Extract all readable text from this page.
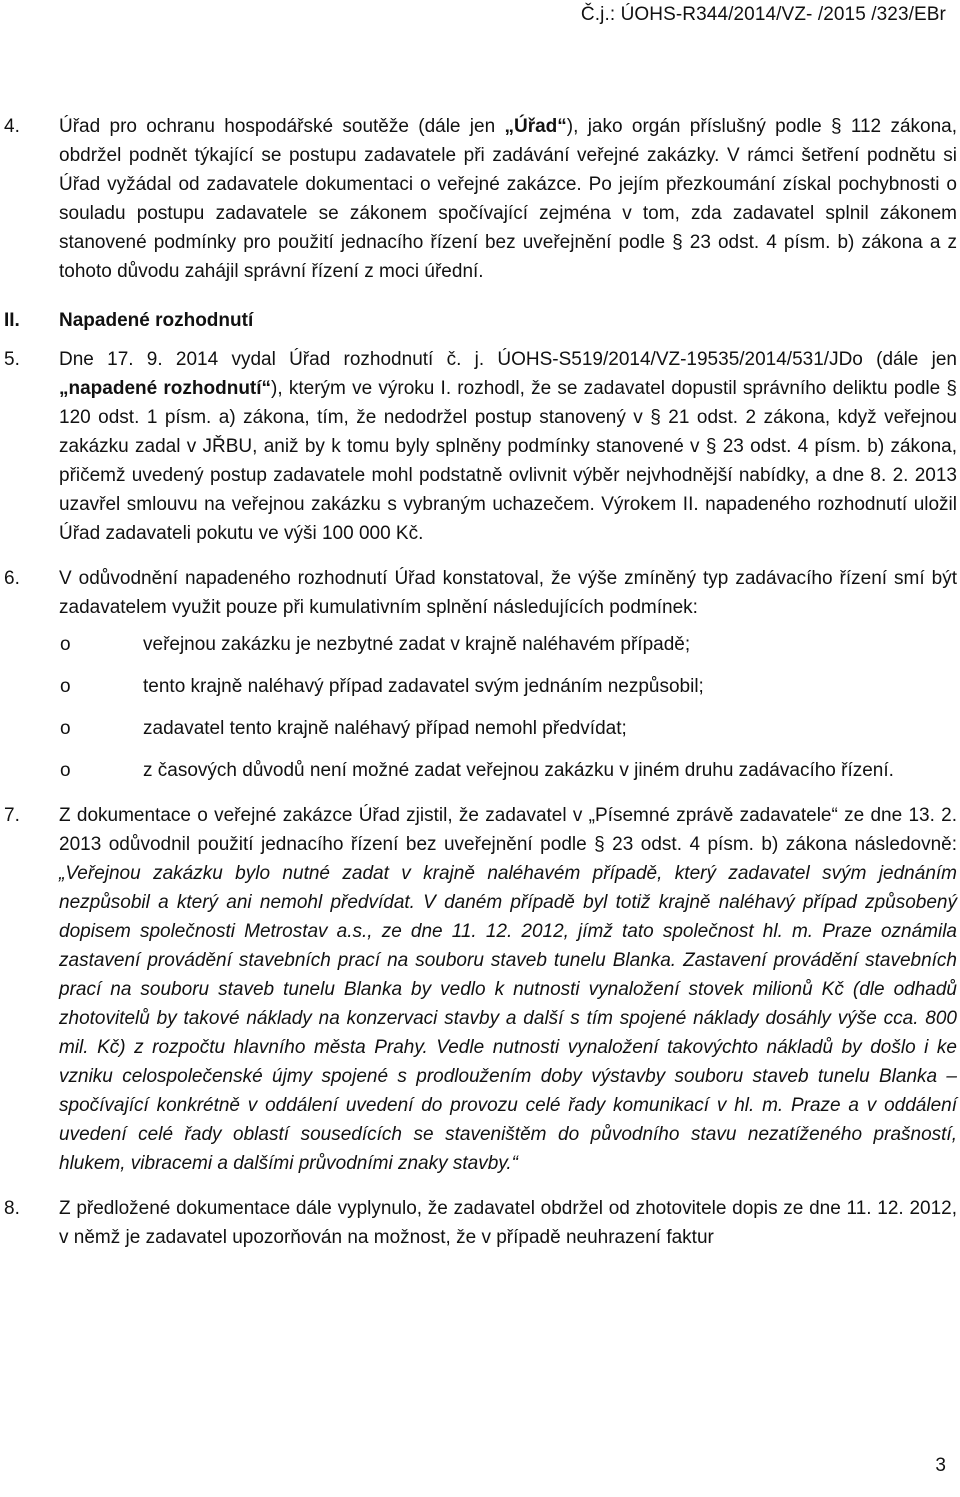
Č.j.: ÚOHS-R344/2014/VZ- /2015 /323/EBr
4. Úřad pro ochranu hospodářské soutěže (dále jen „Úřad“), jako orgán příslušný podle § 112 zákona, obdržel podnět týkající se postupu zadavatele při zadávání veřejné zakázky. V rámci šetření podnětu si Úřad vyžádal od zadavatele dokumentaci o veřejné zakázce. Po jejím přezkoumání získal pochybnosti o souladu postupu zadavatele se zákonem spočívající zejména v tom, zda zadavatel splnil zákonem stanovené podmínky pro použití jednacího řízení bez uveřejnění podle § 23 odst. 4 písm. b) zákona a z tohoto důvodu zahájil správní řízení z moci úřední.
II. Napadené rozhodnutí
5. Dne 17. 9. 2014 vydal Úřad rozhodnutí č. j. ÚOHS-S519/2014/VZ-19535/2014/531/JDo (dále jen „napadené rozhodnutí“), kterým ve výroku I. rozhodl, že se zadavatel dopustil správního deliktu podle § 120 odst. 1 písm. a) zákona, tím, že nedodržel postup stanovený v § 21 odst. 2 zákona, když veřejnou zakázku zadal v JŘBU, aniž by k tomu byly splněny podmínky stanovené v § 23 odst. 4 písm. b) zákona, přičemž uvedený postup zadavatele mohl podstatně ovlivnit výběr nejvhodnější nabídky, a dne 8. 2. 2013 uzavřel smlouvu na veřejnou zakázku s vybraným uchazečem. Výrokem II. napadeného rozhodnutí uložil Úřad zadavateli pokutu ve výši 100 000 Kč.
6. V odůvodnění napadeného rozhodnutí Úřad konstatoval, že výše zmíněný typ zadávacího řízení smí být zadavatelem využit pouze při kumulativním splnění následujících podmínek:
o	veřejnou zakázku je nezbytné zadat v krajně naléhavém případě;
o	tento krajně naléhavý případ zadavatel svým jednáním nezpůsobil;
o	zadavatel tento krajně naléhavý případ nemohl předvídat;
o	z časových důvodů není možné zadat veřejnou zakázku v jiném druhu zadávacího řízení.
7. Z dokumentace o veřejné zakázce Úřad zjistil, že zadavatel v „Písemné zprávě zadavatele“ ze dne 13. 2. 2013 odůvodnil použití jednacího řízení bez uveřejnění podle § 23 odst. 4 písm. b) zákona následovně: „Veřejnou zakázku bylo nutné zadat v krajně naléhavém případě, který zadavatel svým jednáním nezpůsobil a který ani nemohl předvídat. V daném případě byl totiž krajně naléhavý případ způsobený dopisem společnosti Metrostav a.s., ze dne 11. 12. 2012, jímž tato společnost hl. m. Praze oznámila zastavení provádění stavebních prací na souboru staveb tunelu Blanka. Zastavení provádění stavebních prací na souboru staveb tunelu Blanka by vedlo k nutnosti vynaložení stovek milionů Kč (dle odhadů zhotovitelů by takové náklady na konzervaci stavby a další s tím spojené náklady dosáhly výše cca. 800 mil. Kč) z rozpočtu hlavního města Prahy. Vedle nutnosti vynaložení takovýchto nákladů by došlo i ke vzniku celospolečenské újmy spojené s prodloužením doby výstavby souboru staveb tunelu Blanka – spočívající konkrétně v oddálení uvedení do provozu celé řady komunikací v hl. m. Praze a v oddálení uvedení celé řady oblastí sousedících se staveništěm do původního stavu nezatíženého prašností, hlukem, vibracemi a dalšími průvodními znaky stavby.“
8. Z předložené dokumentace dále vyplynulo, že zadavatel obdržel od zhotovitele dopis ze dne 11. 12. 2012, v němž je zadavatel upozorňován na možnost, že v případě neuhrazení faktur
3
